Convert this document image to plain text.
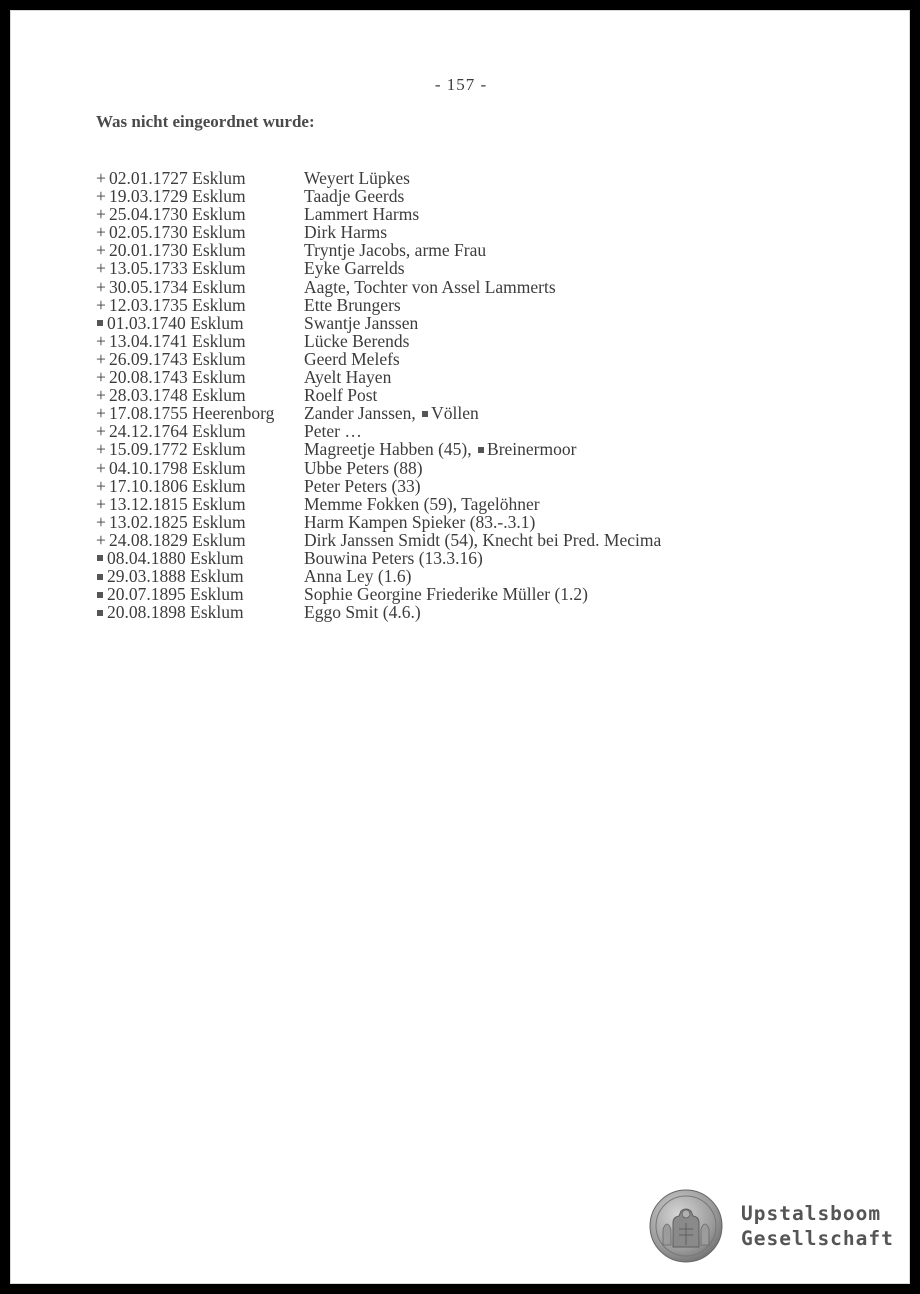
- 157 -
Was nicht eingeordnet wurde:
+ 02.01.1727 Esklum	Weyert Lüpkes
+ 19.03.1729 Esklum	Taadje Geerds
+ 25.04.1730 Esklum	Lammert Harms
+ 02.05.1730 Esklum	Dirk Harms
+ 20.01.1730 Esklum	Tryntje Jacobs, arme Frau
+ 13.05.1733 Esklum	Eyke Garrelds
+ 30.05.1734 Esklum	Aagte, Tochter von Assel Lammerts
+ 12.03.1735 Esklum	Ette Brungers
01.03.1740 Esklum	Swantje Janssen
+ 13.04.1741 Esklum	Lücke Berends
+ 26.09.1743 Esklum	Geerd Melefs
+ 20.08.1743 Esklum	Ayelt Hayen
+ 28.03.1748 Esklum	Roelf Post
+ 17.08.1755 Heerenborg	Zander Janssen, Völlen
+ 24.12.1764 Esklum	Peter …
+ 15.09.1772 Esklum	Magreetje Habben (45), Breinermoor
+ 04.10.1798 Esklum	Ubbe Peters (88)
+ 17.10.1806 Esklum	Peter Peters (33)
+ 13.12.1815 Esklum	Memme Fokken (59), Tagelöhner
+ 13.02.1825 Esklum	Harm Kampen Spieker (83.-.3.1)
+ 24.08.1829 Esklum	Dirk Janssen Smidt (54), Knecht bei Pred. Mecima
08.04.1880 Esklum	Bouwina Peters (13.3.16)
29.03.1888 Esklum	Anna Ley (1.6)
20.07.1895 Esklum	Sophie Georgine Friederike Müller (1.2)
20.08.1898 Esklum	Eggo Smit (4.6.)
Upstalsboom
Gesellschaft
